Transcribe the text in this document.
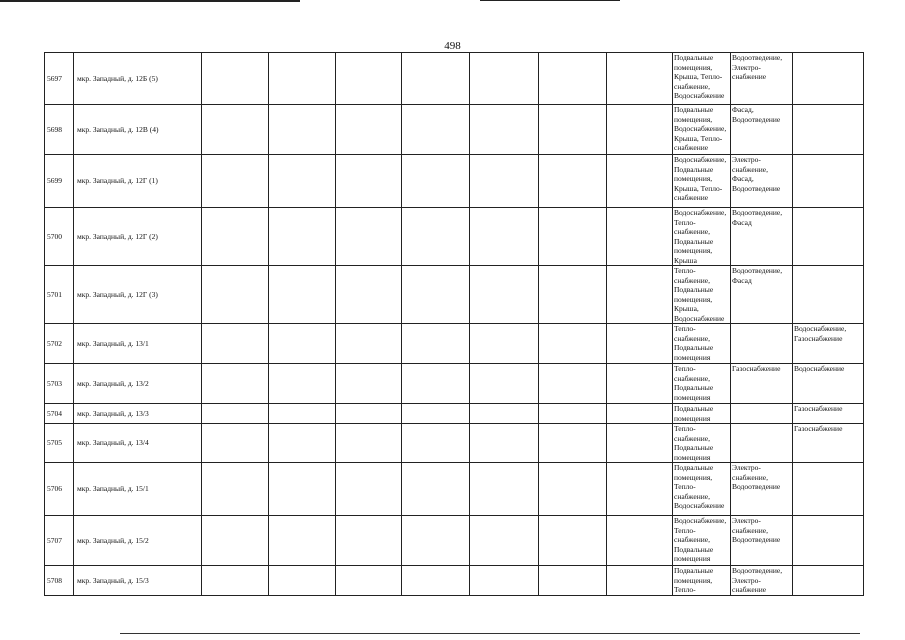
498
5697	мкр. Западный, д. 12Б (5)								Подвальные помещения, Крыша, Тепло-снабжение, Водоснабжение	Водоотведение, Электро-снабжение	
5698	мкр. Западный, д. 12В (4)								Подвальные помещения, Водоснабжение, Крыша, Тепло-снабжение	Фасад, Водоотведение	
5699	мкр. Западный, д. 12Г (1)								Водоснабжение, Подвальные помещения, Крыша, Тепло-снабжение	Электро-снабжение, Фасад, Водоотведение	
5700	мкр. Западный, д. 12Г (2)								Водоснабжение, Тепло-снабжение, Подвальные помещения, Крыша	Водоотведение, Фасад	
5701	мкр. Западный, д. 12Г (3)								Тепло-снабжение, Подвальные помещения, Крыша, Водоснабжение	Водоотведение, Фасад	
5702	мкр. Западный, д. 13/1								Тепло-снабжение, Подвальные помещения		Водоснабжение, Газоснабжение
5703	мкр. Западный, д. 13/2								Тепло-снабжение, Подвальные помещения	Газоснабжение	Водоснабжение
5704	мкр. Западный, д. 13/3								Подвальные помещения		Газоснабжение
5705	мкр. Западный, д. 13/4								Тепло-снабжение, Подвальные помещения		Газоснабжение
5706	мкр. Западный, д. 15/1								Подвальные помещения, Тепло-снабжение, Водоснабжение	Электро-снабжение, Водоотведение	
5707	мкр. Западный, д. 15/2								Водоснабжение, Тепло-снабжение, Подвальные помещения	Электро-снабжение, Водоотведение	
5708	мкр. Западный, д. 15/3								Подвальные помещения, Тепло-	Водоотведение, Электро-снабжение	
